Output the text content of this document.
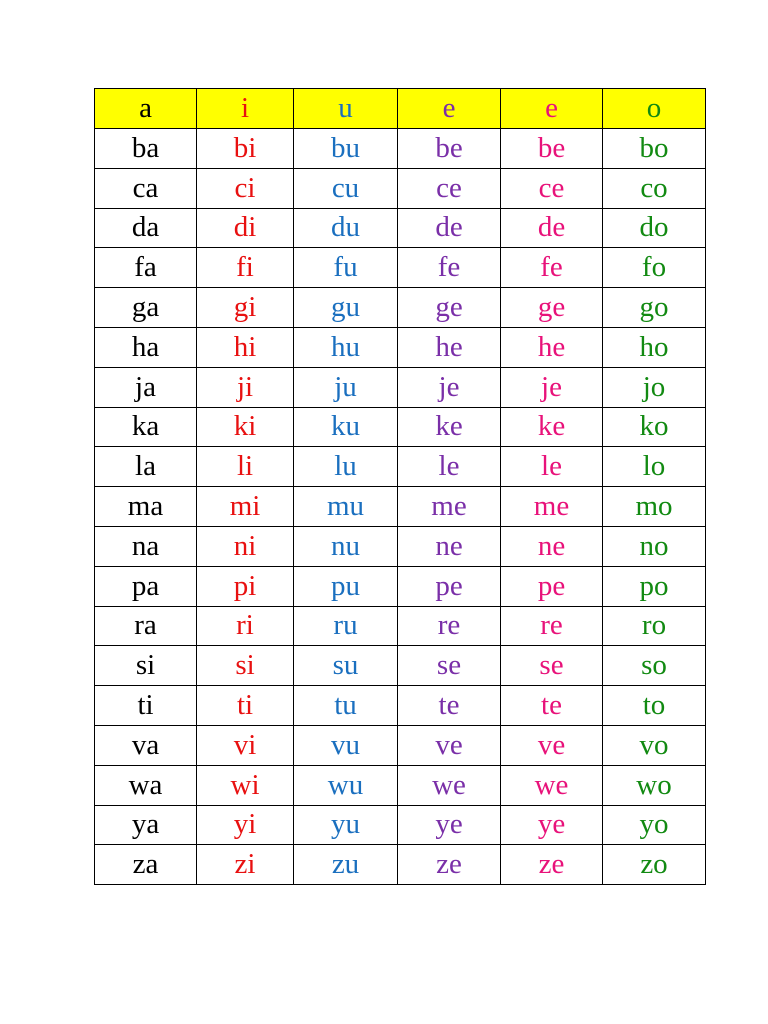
a	i	u	e	e	o
ba	bi	bu	be	be	bo
ca	ci	cu	ce	ce	co
da	di	du	de	de	do
fa	fi	fu	fe	fe	fo
ga	gi	gu	ge	ge	go
ha	hi	hu	he	he	ho
ja	ji	ju	je	je	jo
ka	ki	ku	ke	ke	ko
la	li	lu	le	le	lo
ma	mi	mu	me	me	mo
na	ni	nu	ne	ne	no
pa	pi	pu	pe	pe	po
ra	ri	ru	re	re	ro
si	si	su	se	se	so
ti	ti	tu	te	te	to
va	vi	vu	ve	ve	vo
wa	wi	wu	we	we	wo
ya	yi	yu	ye	ye	yo
za	zi	zu	ze	ze	zo
